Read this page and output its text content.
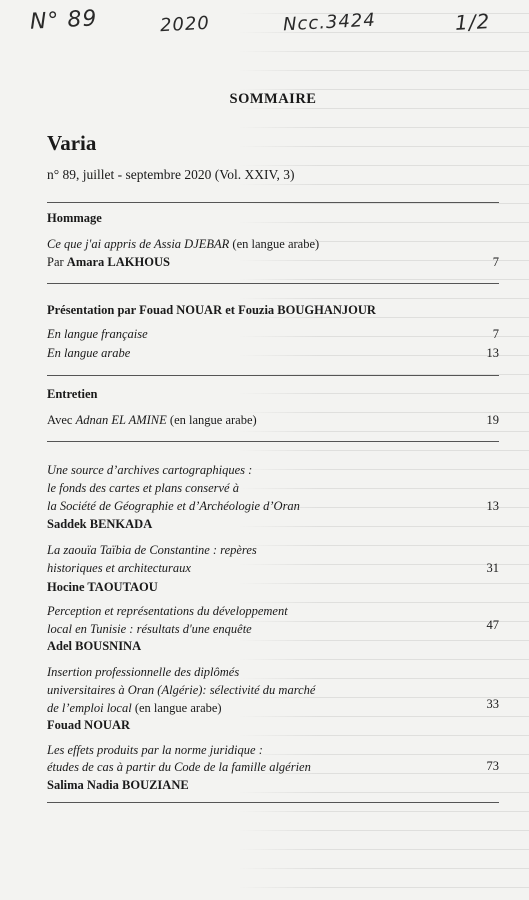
N° 89	2020	Ncc.3424	1/2
SOMMAIRE
Varia
n° 89, juillet - septembre 2020 (Vol. XXIV, 3)
Hommage
Ce que j'ai appris de Assia DJEBAR (en langue arabe)
Par Amara LAKHOUS	7
Présentation par Fouad NOUAR et Fouzia BOUGHANJOUR
En langue française	7
En langue arabe	13
Entretien
Avec Adnan EL AMINE (en langue arabe)	19
Une source d’archives cartographiques :
le fonds des cartes et plans conservé à
la Société de Géographie et d’Archéologie d’Oran	13
Saddek BENKADA
La zaouïa Taïbia de Constantine : repères
historiques et architecturaux	31
Hocine TAOUTAOU
Perception et représentations du développement
local en Tunisie : résultats d'une enquête	47
Adel BOUSNINA
Insertion professionnelle des diplômés
universitaires à Oran (Algérie): sélectivité du marché
de l’emploi local (en langue arabe)	33
Fouad NOUAR
Les effets produits par la norme juridique :
études de cas à partir du Code de la famille algérien	73
Salima Nadia BOUZIANE
